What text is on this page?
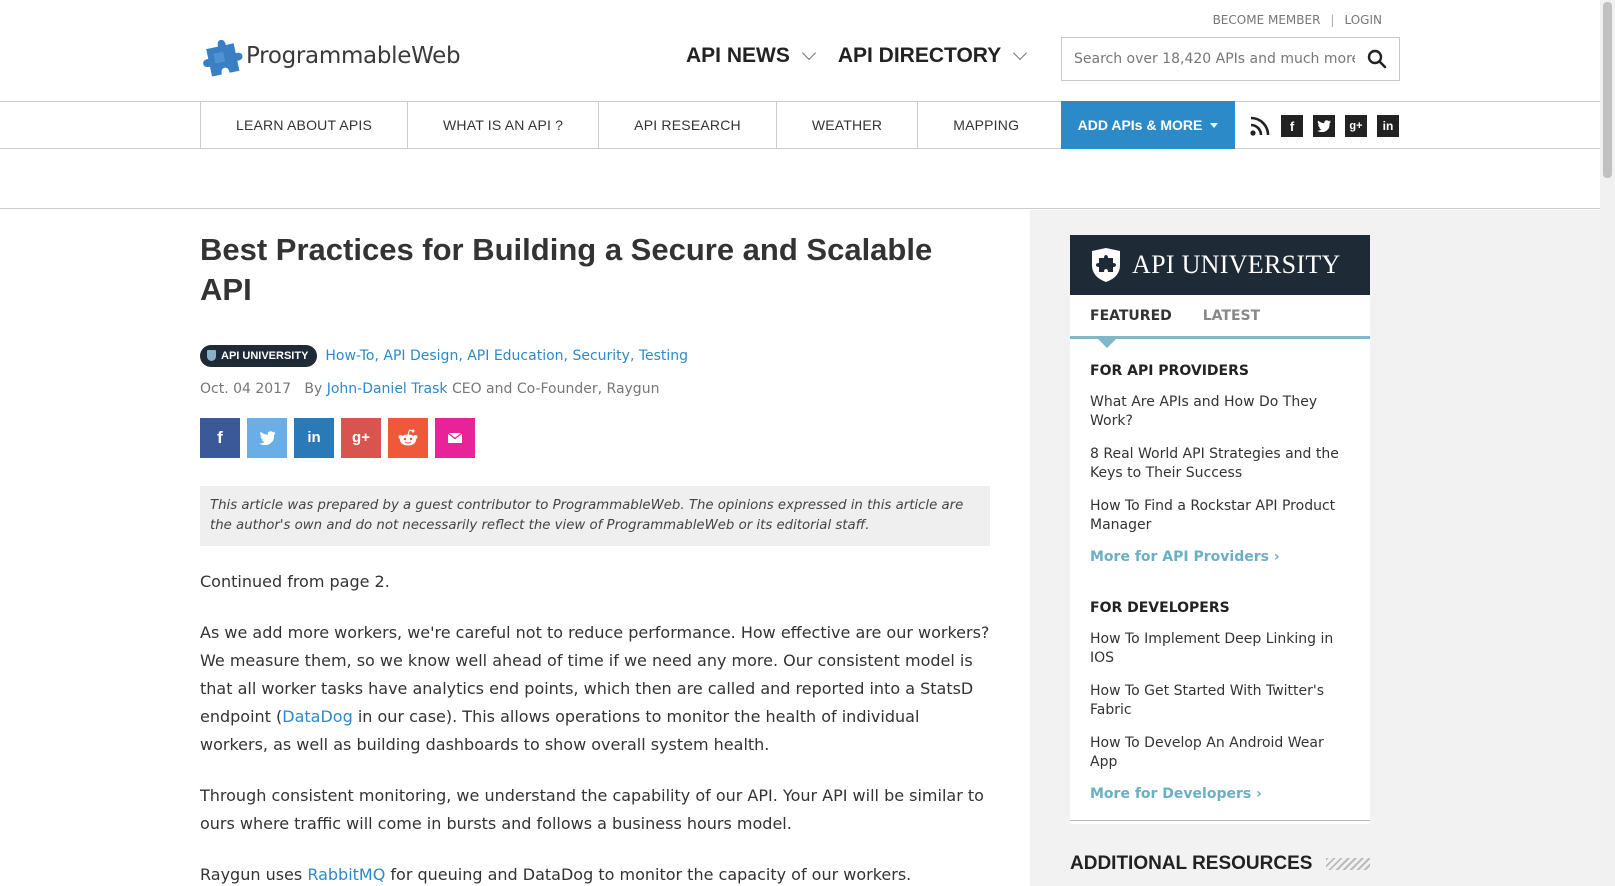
ProgrammableWeb
BECOME MEMBER | LOGIN
API NEWS API DIRECTORY
Search over 18,420 APIs and much more
LEARN ABOUT APIS	WHAT IS AN API ?	API RESEARCH	WEATHER	MAPPING	ADD APIs & MORE	f	g+	in
Best Practices for Building a Secure and Scalable API
API UNIVERSITY How-To, API Design, API Education, Security, Testing
Oct. 04 2017 By John-Daniel Trask CEO and Co-Founder, Raygun
f	in g+
This article was prepared by a guest contributor to ProgrammableWeb. The opinions expressed in this article are the author's own and do not necessarily reflect the view of ProgrammableWeb or its editorial staff.

Continued from page 2.

As we add more workers, we're careful not to reduce performance. How effective are our workers? We measure them, so we know well ahead of time if we need any more. Our consistent model is that all worker tasks have analytics end points, which then are called and reported into a StatsD endpoint (DataDog in our case). This allows operations to monitor the health of individual workers, as well as building dashboards to show overall system health.

Through consistent monitoring, we understand the capability of our API. Your API will be similar to ours where traffic will come in bursts and follows a business hours model.

Raygun uses RabbitMQ for queuing and DataDog to monitor the capacity of our workers.

API UNIVERSITY
FEATURED LATEST
FOR API PROVIDERS
What Are APIs and How Do They Work?
8 Real World API Strategies and the Keys to Their Success
How To Find a Rockstar API Product Manager
More for API Providers ›
FOR DEVELOPERS
How To Implement Deep Linking in IOS
How To Get Started With Twitter's Fabric
How To Develop An Android Wear App
More for Developers ›
ADDITIONAL RESOURCES
